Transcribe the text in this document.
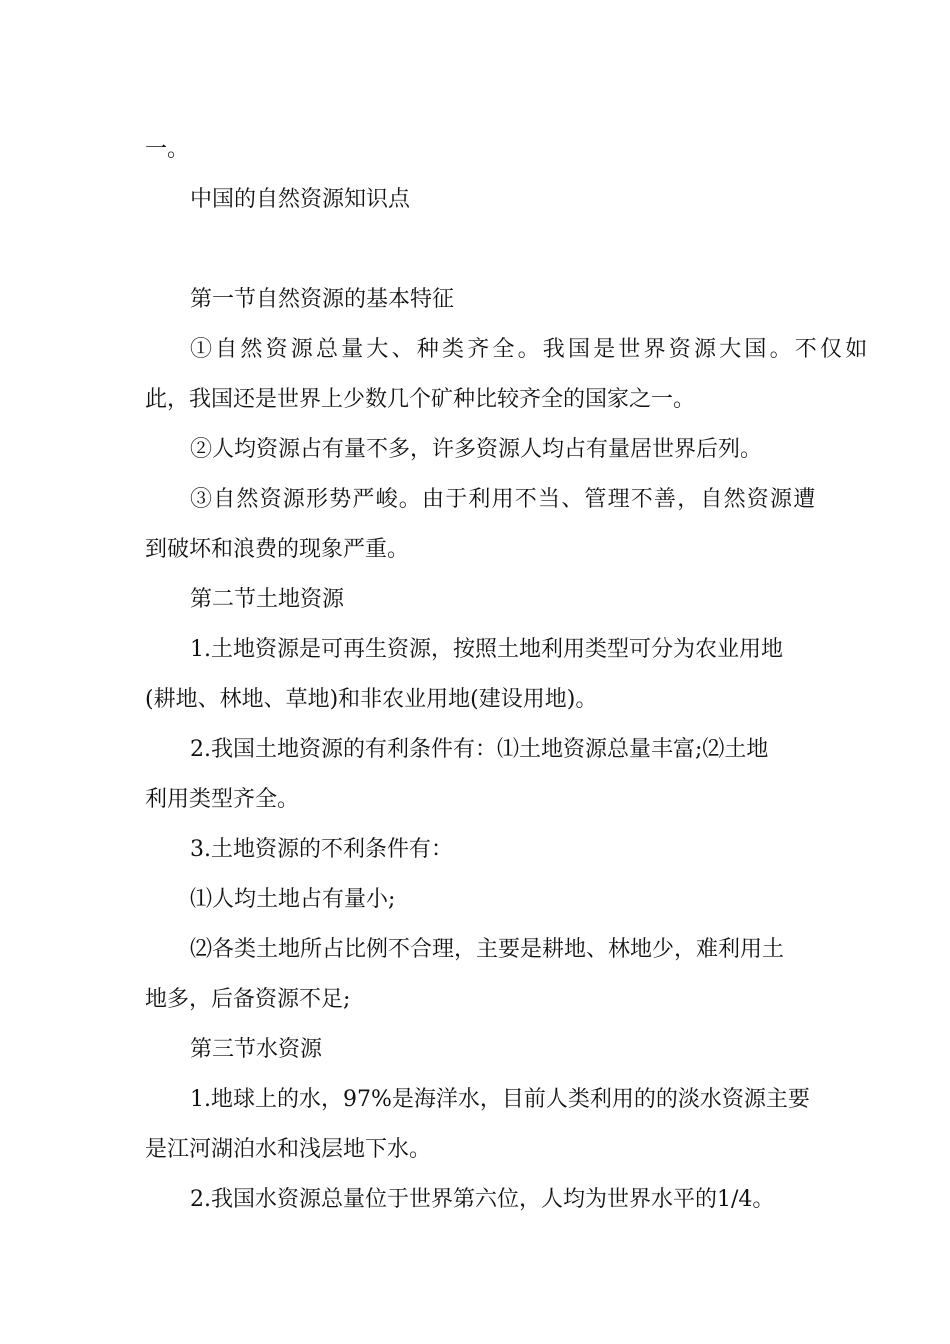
一。
中国的自然资源知识点
第一节自然资源的基本特征
①自然资源总量大、种类齐全。我国是世界资源大国。不仅如
此，我国还是世界上少数几个矿种比较齐全的国家之一。
②人均资源占有量不多，许多资源人均占有量居世界后列。
③自然资源形势严峻。由于利用不当、管理不善，自然资源遭
到破坏和浪费的现象严重。
第二节土地资源
1.土地资源是可再生资源，按照土地利用类型可分为农业用地
(耕地、林地、草地)和非农业用地(建设用地)。
2.我国土地资源的有利条件有：⑴土地资源总量丰富;⑵土地
利用类型齐全。
3.土地资源的不利条件有：
⑴人均土地占有量小;
⑵各类土地所占比例不合理，主要是耕地、林地少，难利用土
地多，后备资源不足;
第三节水资源
1.地球上的水，97%是海洋水，目前人类利用的的淡水资源主要
是江河湖泊水和浅层地下水。
2.我国水资源总量位于世界第六位，人均为世界水平的1/4。
